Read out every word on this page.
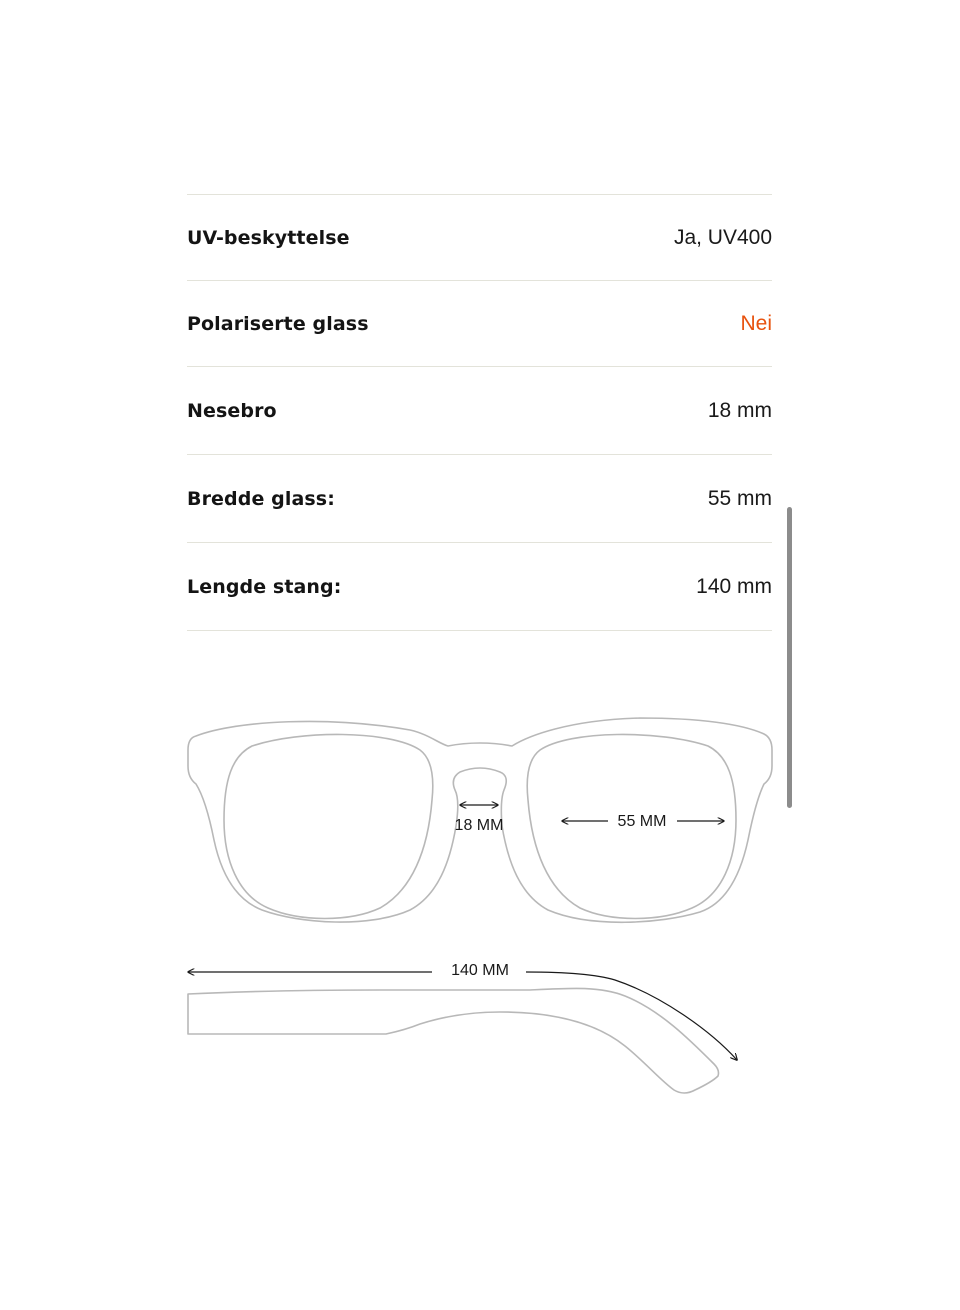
UV-beskyttelse	Ja, UV400
Polariserte glass	Nei
Nesebro	18 mm
Bredde glass:	55 mm
Lengde stang:	140 mm
18 MM	55 MM
140 MM
